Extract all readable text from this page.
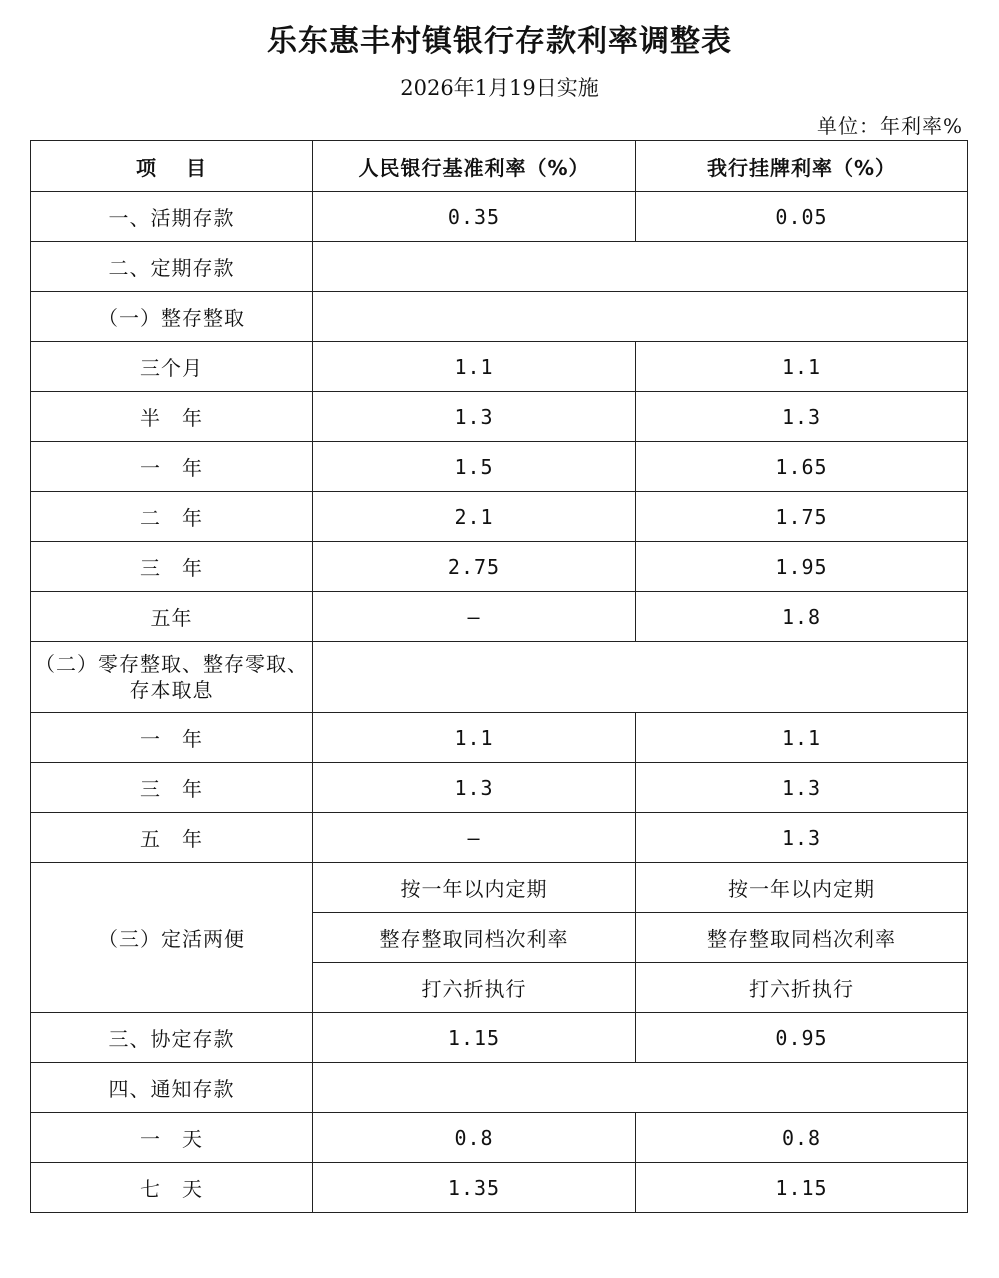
乐东惠丰村镇银行存款利率调整表
2026年1月19日实施
单位：年利率%
项　 目	人民银行基准利率（%）	我行挂牌利率（%）
一、活期存款	0.35	0.05
二、定期存款		
（一）整存整取		
三个月	1.1	1.1
半　年	1.3	1.3
一　年	1.5	1.65
二　年	2.1	1.75
三　年	2.75	1.95
五年	—	1.8
（二）零存整取、整存零取、存本取息		
一　年	1.1	1.1
三　年	1.3	1.3
五　年	—	1.3
（三）定活两便	按一年以内定期	按一年以内定期
	整存整取同档次利率	整存整取同档次利率
	打六折执行	打六折执行
三、协定存款	1.15	0.95
四、通知存款		
一　天	0.8	0.8
七　天	1.35	1.15
